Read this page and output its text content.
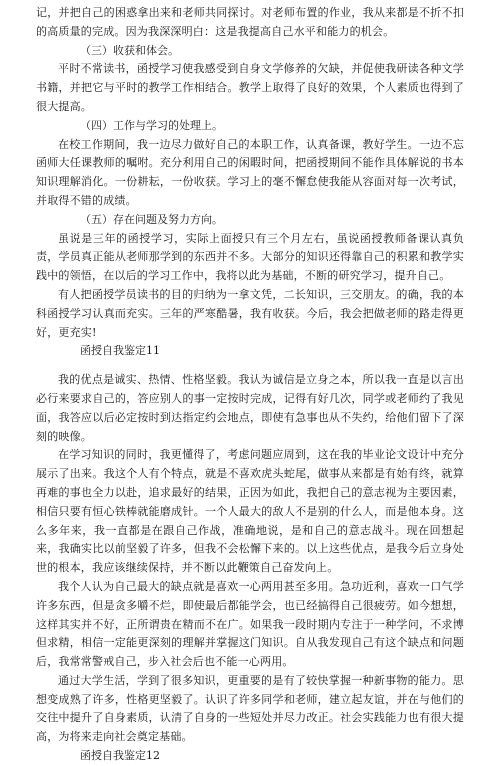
记，并把自己的困惑拿出来和老师共同探讨。对老师布置的作业，我从来都是不折不扣的高质量的完成。因为我深深明白：这是我提高自己水平和能力的机会。

（三）收获和体会。

平时不常读书，函授学习使我感受到自身文学修养的欠缺，并促使我研读各种文学书籍，并把它与平时的教学工作相结合。教学上取得了良好的效果，个人素质也得到了很大提高。

（四）工作与学习的处理上。

在校工作期间，我一边尽力做好自己的本职工作，认真备课，教好学生。一边不忘函师大任课教师的嘱咐。充分利用自己的闲暇时间，把函授期间不能作具体解说的书本知识理解消化。一份耕耘，一份收获。学习上的毫不懈怠使我能从容面对每一次考试，并取得不错的成绩。

（五）存在问题及努力方向。

虽说是三年的函授学习，实际上面授只有三个月左右，虽说函授教师备课认真负责，学员真正能从老师那学到的东西并不多。大部分的知识还得靠自己的积累和教学实践中的领悟，在以后的学习工作中，我将以此为基础，不断的研究学习，提升自己。

有人把函授学员读书的目的归纳为一拿文凭，二长知识，三交朋友。的确，我的本科函授学习认真而充实。三年的严寒酷暑，我有收获。今后，我会把做老师的路走得更好，更充实!

函授自我鉴定11

我的优点是诚实、热情、性格坚毅。我认为诚信是立身之本，所以我一直是以言出必行来要求自己的，答应别人的事一定按时完成，记得有好几次，同学或老师约了我见面，我答应以后必定按时到达指定约会地点，即使有急事也从不失约，给他们留下了深刻的映像。

在学习知识的同时，我更懂得了，考虑问题应周到，这在我的毕业论文设计中充分展示了出来。我这个人有个特点，就是不喜欢虎头蛇尾，做事从来都是有始有终，就算再难的事也全力以赴，追求最好的结果，正因为如此，我把自己的意志视为主要因素，相信只要有恒心铁棒就能磨成针。一个人最大的敌人不是别的什么人，而是他本身。这么多年来，我一直都是在跟自己作战，准确地说，是和自己的意志战斗。现在回想起来，我确实比以前坚毅了许多，但我不会松懈下来的。以上这些优点，是我今后立身处世的根本，我应该继续保持，并不断以此鞭策自己奋发向上。

我个人认为自己最大的缺点就是喜欢一心两用甚至多用。急功近利，喜欢一口气学许多东西，但是贪多嚼不烂，即使最后都能学会，也已经搞得自己很疲劳。如今想想，这样其实并不好，正所谓贵在精而不在广。如果我一段时期内专注于一种学问，不求博但求精，相信一定能更深刻的理解并掌握这门知识。自从我发现自己有这个缺点和问题后，我常常警戒自己，步入社会后也不能一心两用。

通过大学生活，学到了很多知识，更重要的是有了较快掌握一种新事物的能力。思想变成熟了许多，性格更坚毅了。认识了许多同学和老师，建立起友谊，并在与他们的交往中提升了自身素质，认清了自身的一些短处并尽力改正。社会实践能力也有很大提高，为将来走向社会奠定基础。

函授自我鉴定12
